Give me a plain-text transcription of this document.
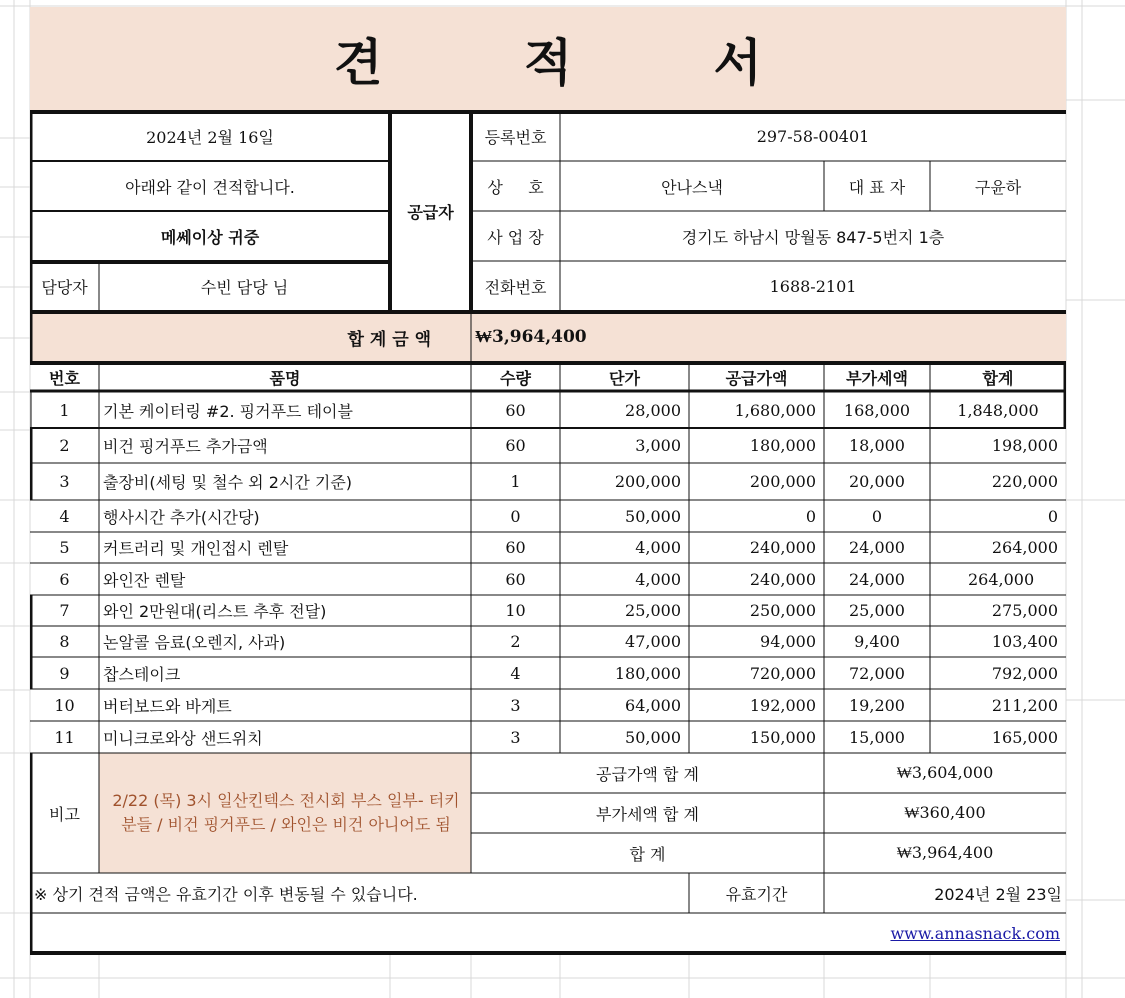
견 적 서
2024년 2월 16일
아래와 같이 견적합니다.
메쎄이상 귀중
담당자	수빈 담당 님
공급자
등록번호	297-58-00401
상     호	안나스낵	대 표 자	구윤하
사 업 장	경기도 하남시 망월동 847-5번지 1층
전화번호	1688-2101
합 계 금 액	₩3,964,400
번호	품명	수량	단가	공급가액	부가세액	합계
1	기본 케이터링 #2. 핑거푸드 테이블	60	28,000	1,680,000	168,000	1,848,000
2	비건 핑거푸드 추가금액	60	3,000	180,000	18,000	198,000
3	출장비(세팅 및 철수 외 2시간 기준)	1	200,000	200,000	20,000	220,000
4	행사시간 추가(시간당)	0	50,000	0	0	0
5	커트러리 및 개인접시 렌탈	60	4,000	240,000	24,000	264,000
6	와인잔 렌탈	60	4,000	240,000	24,000	264,000
7	와인 2만원대(리스트 추후 전달)	10	25,000	250,000	25,000	275,000
8	논알콜 음료(오렌지, 사과)	2	47,000	94,000	9,400	103,400
9	찹스테이크	4	180,000	720,000	72,000	792,000
10	버터보드와 바게트	3	64,000	192,000	19,200	211,200
11	미니크로와상 샌드위치	3	50,000	150,000	15,000	165,000
비고
2/22 (목) 3시 일산킨텍스 전시회 부스 일부- 터키분들 / 비건 핑거푸드 / 와인은 비건 아니어도 됨
공급가액 합 계	₩3,604,000
부가세액 합 계	₩360,400
합 계	₩3,964,400
※ 상기 견적 금액은 유효기간 이후 변동될 수 있습니다.	유효기간	2024년 2월 23일
www.annasnack.com
